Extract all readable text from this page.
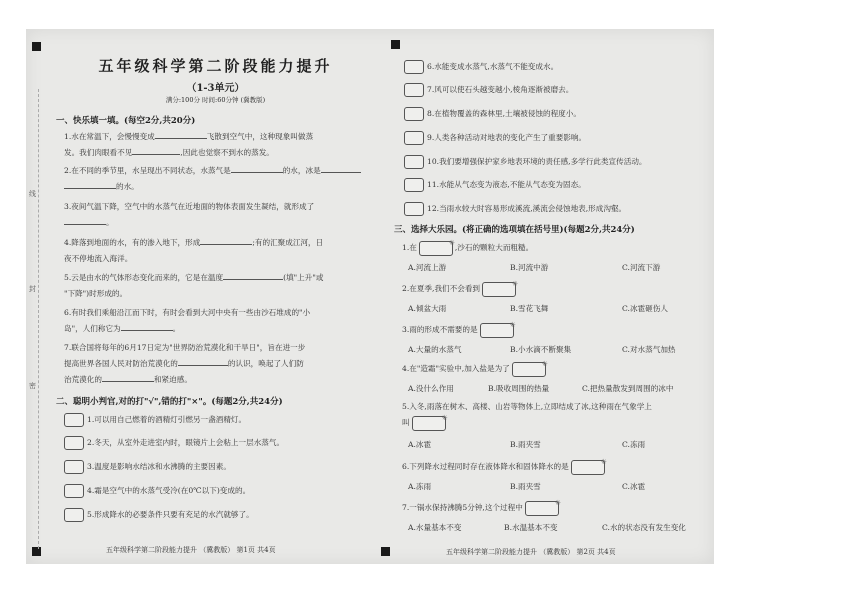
线
封
密
五年级科学第二阶段能力提升
（1-3单元）
满分:100分 时间:60分钟 (冀教版)
一、快乐填一填。(每空2分,共20分)
1.水在常温下，会慢慢变成	飞散到空气中，这种现象叫做蒸
发。我们肉眼看不见	,因此也觉察不到水的蒸发。
2.在不同的季节里，水呈现出不同状态，水蒸气是	的水，冰是
的水。
3.夜间气温下降，空气中的水蒸气在近地面的物体表面发生凝结，就形成了
。
4.降落到地面的水，有的渗入地下，形成	;有的汇聚成江河，日
夜不停地流入海洋。
5.云是由水的气体形态变化而来的，它是在温度	(填"上升"或
"下降")时形成的。
6.有时我们乘船沿江而下时，有时会看到大河中央有一些由沙石堆成的"小
岛"，人们称它为	。
7.联合国将每年的6月17日定为"世界防治荒漠化和干旱日"，旨在进一步
提高世界各国人民对防治荒漠化的	的认识，唤起了人们防
治荒漠化的	和紧迫感。
二、聪明小判官,对的打"√",错的打"×"。(每题2分,共24分)
1.可以用自己燃着的酒精灯引燃另一盏酒精灯。
2.冬天，从室外走进室内时，眼镜片上会粘上一层水蒸气。
3.温度是影响水结冰和水沸腾的主要因素。
4.霜是空气中的水蒸气受冷(在0℃以下)变成的。
5.形成降水的必要条件只要有充足的水汽就够了。
五年级科学第二阶段能力提升 （冀教版） 第1页 共4页
6.水能变成水蒸气,水蒸气不能变成水。
7.风可以使石头越变越小,棱角逐渐被磨去。
8.在植物覆盖的森林里,土壤被侵蚀的程度小。
9.人类各种活动对地表的变化产生了重要影响。
10.我们要增强保护家乡地表环境的责任感,多学行此类宣传活动。
11.水能从气态变为液态,不能从气态变为固态。
12.当雨水较大时容易形成溪流,溪流会侵蚀地表,形成沟壑。
三、选择大乐园。(将正确的选项填在括号里)(每题2分,共24分)
1.在✳	,沙石的颗粒大而粗糙。
A.河流上游	B.河流中游	C.河流下游
2.在夏季,我们不会看到✳
A.倾盆大雨	B.雪花飞舞	C.冰雹砸伤人
3.雨的形成不需要的是✳
A.大量的水蒸气	B.小水滴不断聚集	C.对水蒸气加热
4.在"造霜"实验中,加入盐是为了✳
A.没什么作用	B.吸收周围的热量	C.把热量散发到周围的冰中
5.入冬,雨落在树木、高楼、山岩等物体上,立即结成了冰,这种雨在气象学上
叫✳
A.冰雹	B.雨夹雪	C.冻雨
6.下列降水过程同时存在液体降水和固体降水的是✳
A.冻雨	B.雨夹雪	C.冰雹
7.一锅水保持沸腾5分钟,这个过程中✳
A.水量基本不变	B.水温基本不变	C.水的状态没有发生变化
五年级科学第二阶段能力提升 （冀教版） 第2页 共4页
